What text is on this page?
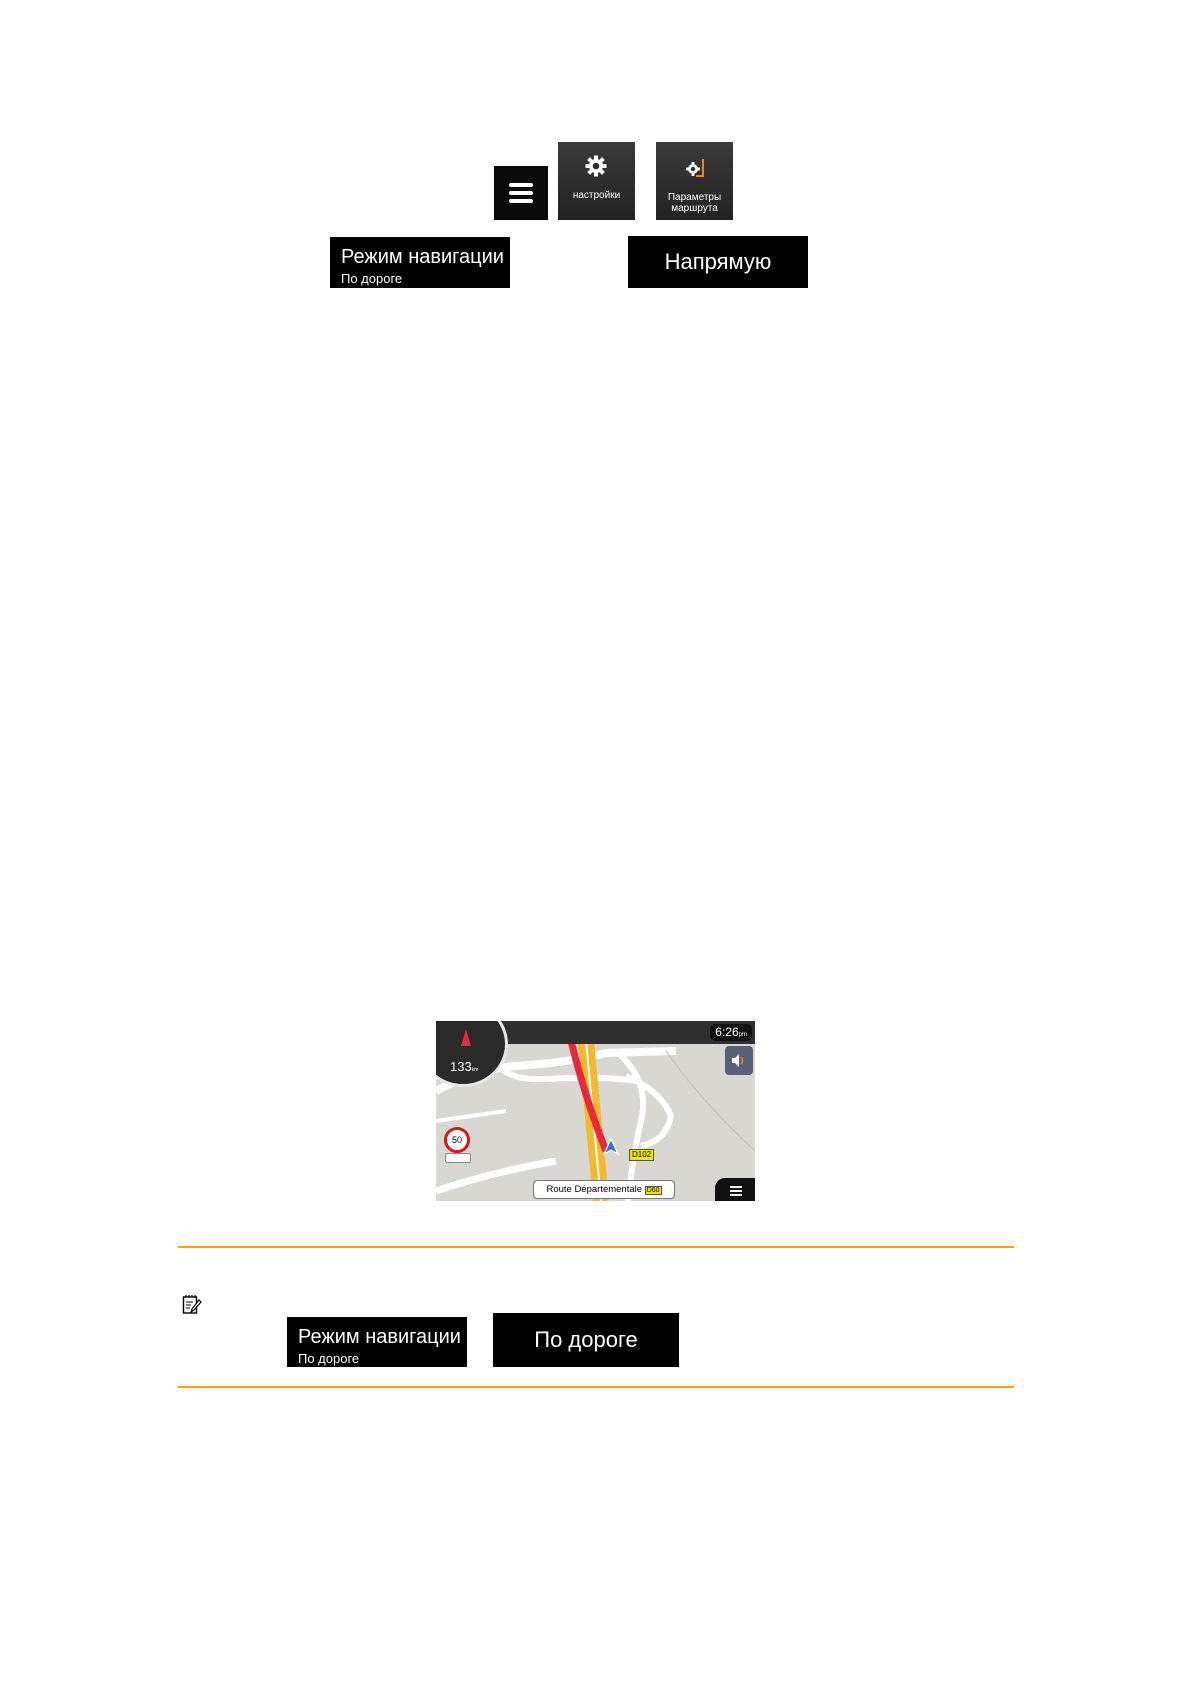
настройки	Параметры
маршрута
Режим навигации
По дороге
Напрямую
6:26pm
133km
50
D102
Route Départementale D60
Режим навигации
По дороге
По дороге
